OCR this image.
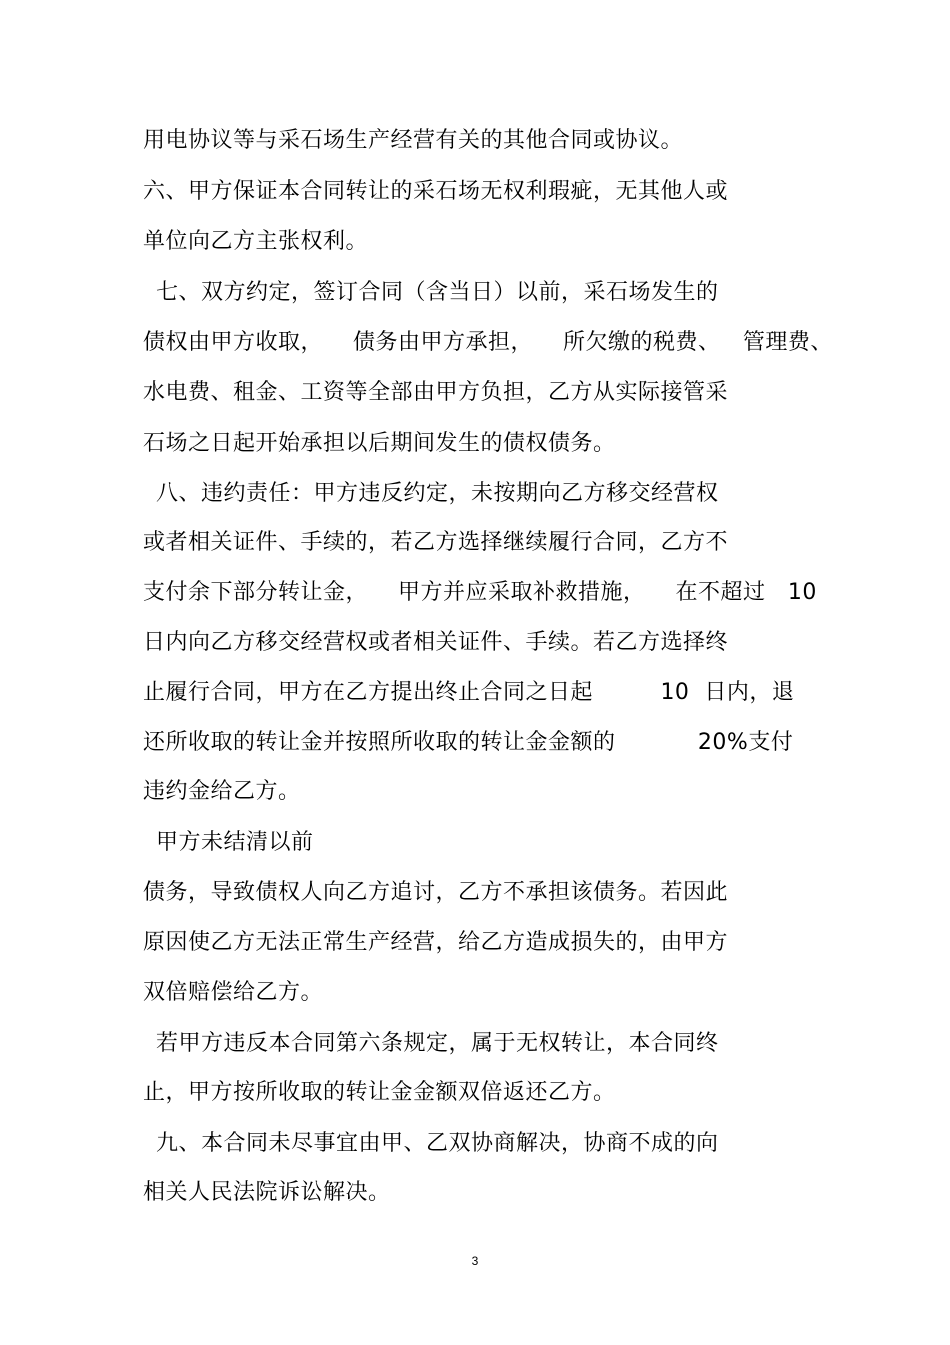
用电协议等与采石场生产经营有关的其他合同或协议。
六、甲方保证本合同转让的采石场无权利瑕疵，无其他人或
单位向乙方主张权利。
七、双方约定，签订合同（含当日）以前，采石场发生的
债权由甲方收取，    债务由甲方承担，    所欠缴的税费、   管理费、
水电费、租金、工资等全部由甲方负担，乙方从实际接管采
石场之日起开始承担以后期间发生的债权债务。
八、违约责任：甲方违反约定，未按期向乙方移交经营权
或者相关证件、手续的，若乙方选择继续履行合同，乙方不
支付余下部分转让金，    甲方并应采取补救措施，    在不超过   10
日内向乙方移交经营权或者相关证件、手续。若乙方选择终
止履行合同，甲方在乙方提出终止合同之日起         10  日内，退
还所收取的转让金并按照所收取的转让金金额的           20%支付
违约金给乙方。
甲方未结清以前
债务，导致债权人向乙方追讨，乙方不承担该债务。若因此
原因使乙方无法正常生产经营，给乙方造成损失的，由甲方
双倍赔偿给乙方。
若甲方违反本合同第六条规定，属于无权转让，本合同终
止，甲方按所收取的转让金金额双倍返还乙方。
九、本合同未尽事宜由甲、乙双协商解决，协商不成的向
相关人民法院诉讼解决。
3
